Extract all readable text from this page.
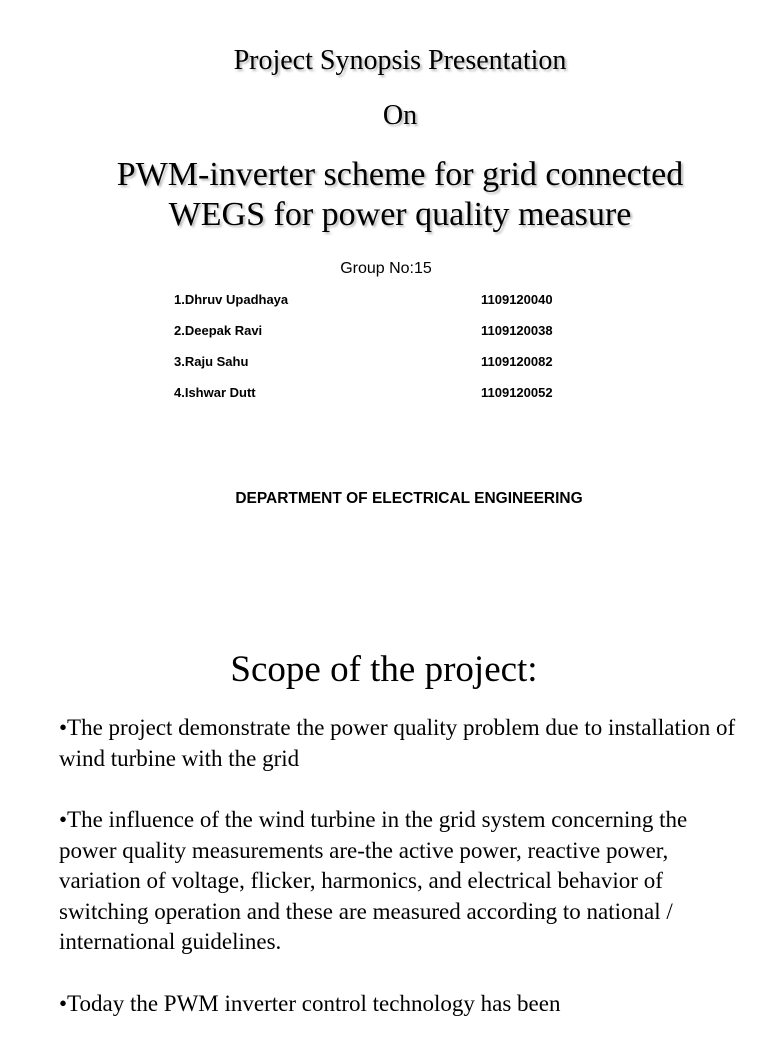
Project Synopsis Presentation
On
PWM-inverter scheme for grid connected
WEGS for power quality measure
Group No:15
1.Dhruv Upadhaya	1109120040
2.Deepak Ravi	1109120038
3.Raju Sahu	1109120082
4.Ishwar Dutt	1109120052
DEPARTMENT OF ELECTRICAL ENGINEERING
Scope of the project:

•The project demonstrate the power quality problem due to installation of wind turbine with the grid

•The influence of the wind turbine in the grid system concerning the power quality measurements are-the active power, reactive power, variation of voltage, flicker, harmonics, and electrical behavior of switching operation and these are measured according to national / international guidelines.

•Today the PWM inverter control technology has been
